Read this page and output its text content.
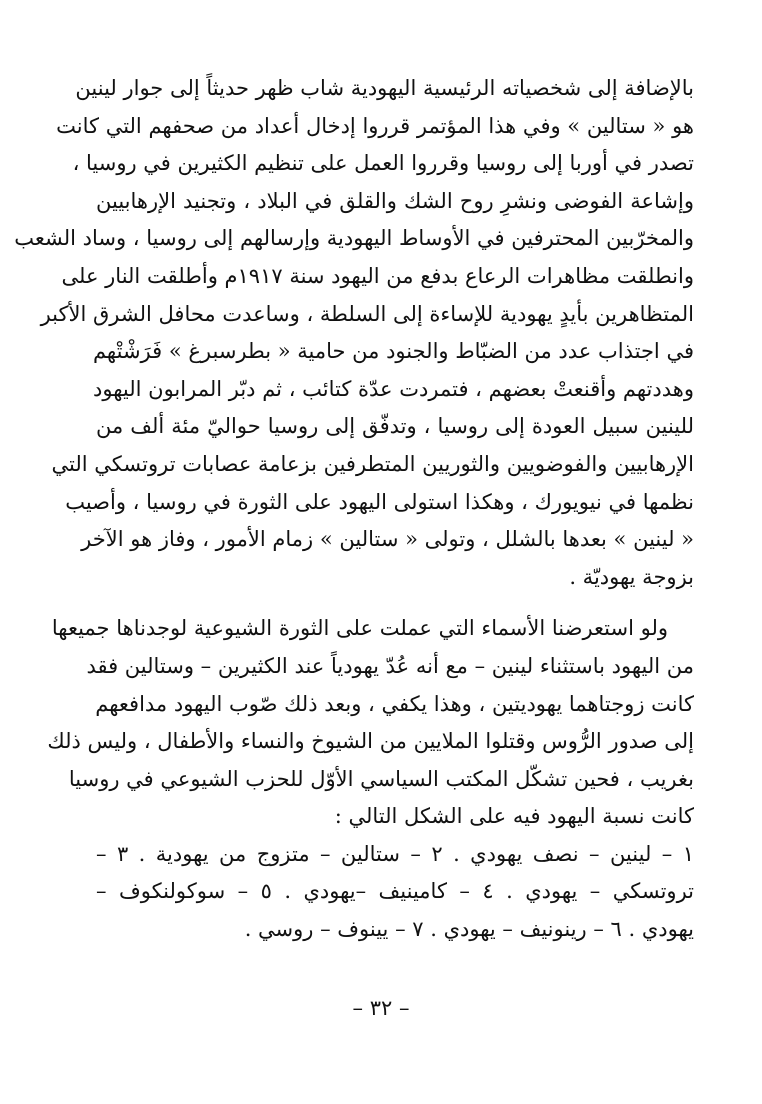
بالإضافة إلى شخصياته الرئيسية اليهودية شاب ظهر حديثاً إلى جوار لينين
هو « ستالين » وفي هذا المؤتمر قرروا إدخال أعداد من صحفهم التي كانت
تصدر في أوربا إلى روسيا وقرروا العمل على تنظيم الكثيرين في روسيا ،
وإشاعة الفوضى ونشرِ روح الشك والقلق في البلاد ، وتجنيد الإرهابيين
والمخرّبين المحترفين في الأوساط اليهودية وإرسالهم إلى روسيا ، وساد الشعب
وانطلقت مظاهرات الرعاع بدفع من اليهود سنة ١٩١٧م وأطلقت النار على
المتظاهرين بأيدٍ يهودية للإساءة إلى السلطة ، وساعدت محافل الشرق الأكبر
في اجتذاب عدد من الضبّاط والجنود من حامية « بطرسبرغ » فَرَشْتْهم
وهددتهم وأقنعتْ بعضهم ، فتمردت عدّة كتائب ، ثم دبّر المرابون اليهود
للينين سبيل العودة إلى روسيا ، وتدفّق إلى روسيا حواليّ مئة ألف من
الإرهابيين والفوضويين والثوريين المتطرفين بزعامة عصابات تروتسكي التي
نظمها في نيويورك ، وهكذا استولى اليهود على الثورة في روسيا ، وأصيب
« لينين » بعدها بالشلل ، وتولى « ستالين » زمام الأمور ، وفاز هو الآخر
بزوجة يهوديّة .
ولو استعرضنا الأسماء التي عملت على الثورة الشيوعية لوجدناها جميعها
من اليهود باستثناء لينين – مع أنه عُدّ يهودياً عند الكثيرين – وستالين فقد
كانت زوجتاهما يهوديتين ، وهذا يكفي ، وبعد ذلك صّوب اليهود مدافعهم
إلى صدور الرُّوس وقتلوا الملايين من الشيوخ والنساء والأطفال ، وليس ذلك
بغريب ، فحين تشكّل المكتب السياسي الأوّل للحزب الشيوعي في روسيا
كانت نسبة اليهود فيه على الشكل التالي :
١ – لينين – نصف يهودي . ٢ – ستالين – متزوج من يهودية . ٣ –
تروتسكي – يهودي . ٤ – كامينيف –يهودي . ٥ – سوكولنكوف –
يهودي . ٦ – رينونيف – يهودي . ٧ – يينوف – روسي .
– ٣٢ –
